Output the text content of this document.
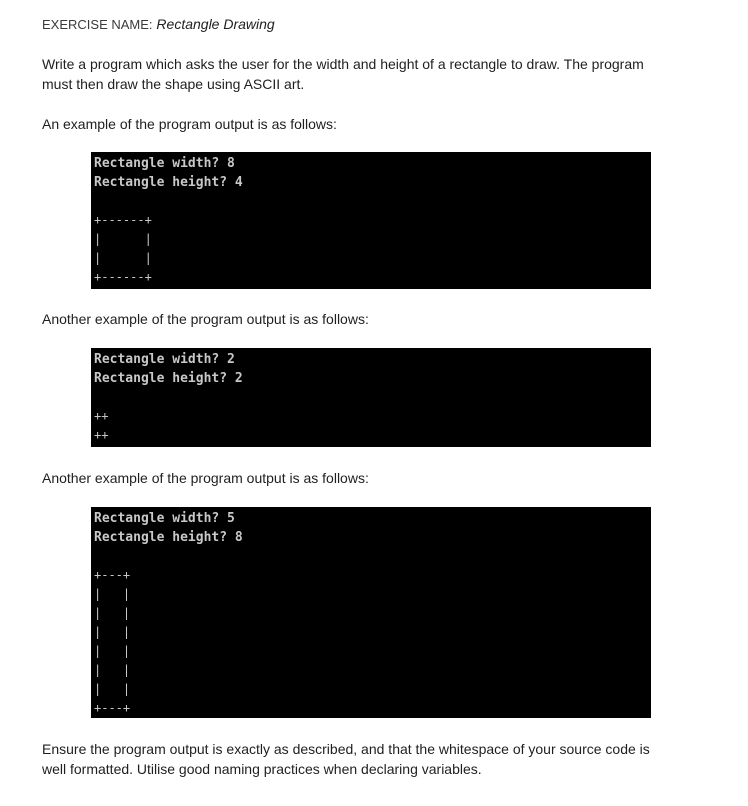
EXERCISE NAME: Rectangle Drawing
Write a program which asks the user for the width and height of a rectangle to draw. The program
must then draw the shape using ASCII art.
An example of the program output is as follows:
Rectangle width? 8
Rectangle height? 4
+------+
|      |
|      |
+------+
Another example of the program output is as follows:
Rectangle width? 2
Rectangle height? 2
++
++
Another example of the program output is as follows:
Rectangle width? 5
Rectangle height? 8
+---+
|   |
|   |
|   |
|   |
|   |
|   |
+---+
Ensure the program output is exactly as described, and that the whitespace of your source code is
well formatted. Utilise good naming practices when declaring variables.
